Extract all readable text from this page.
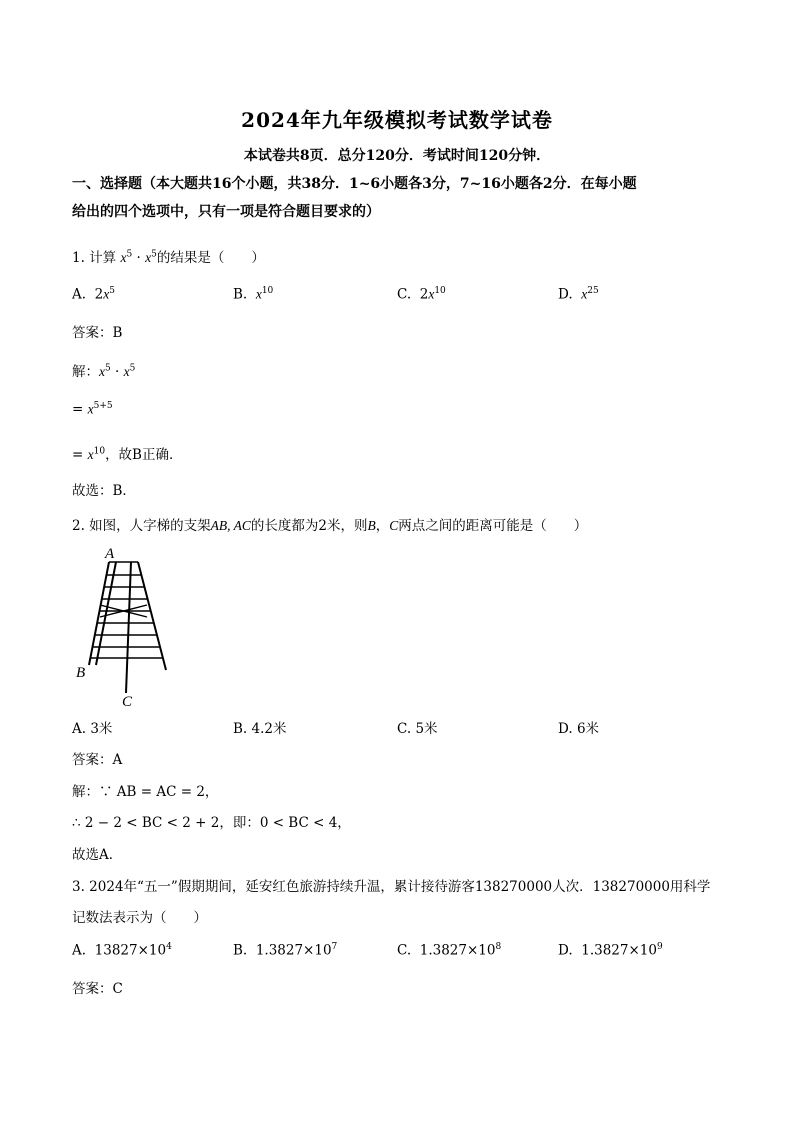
2024年九年级模拟考试数学试卷
本试卷共8页．总分120分．考试时间120分钟．
一、选择题（本大题共16个小题，共38分．1~6小题各3分，7~16小题各2分．在每小题
给出的四个选项中，只有一项是符合题目要求的）
1. 计算 $x^5 \cdot x^5$的结果是（　　）
A. $2x^5$	B. $x^{10}$	C. $2x^{10}$	D. $x^{25}$
答案：B
解：$x^5 \cdot x^5$
= $x^{5+5}$
= $x^{10}$，故B正确．
故选：B．
2. 如图，人字梯的支架AB, AC的长度都为2米，则B，C两点之间的距离可能是（　　）
A
B
C
A. 3米	B. 4.2米	C. 5米	D. 6米
答案：A
解：∵ AB = AC = 2，
∴ 2 − 2 < BC < 2 + 2，即：0 < BC < 4，
故选A．
3. 2024年“五一”假期期间，延安红色旅游持续升温，累计接待游客138270000人次．138270000用科学
记数法表示为（　　）
A. $13827\times 10^4$	B. $1.3827\times 10^7$	C. $1.3827\times 10^8$	D. $1.3827\times 10^9$
答案：C
